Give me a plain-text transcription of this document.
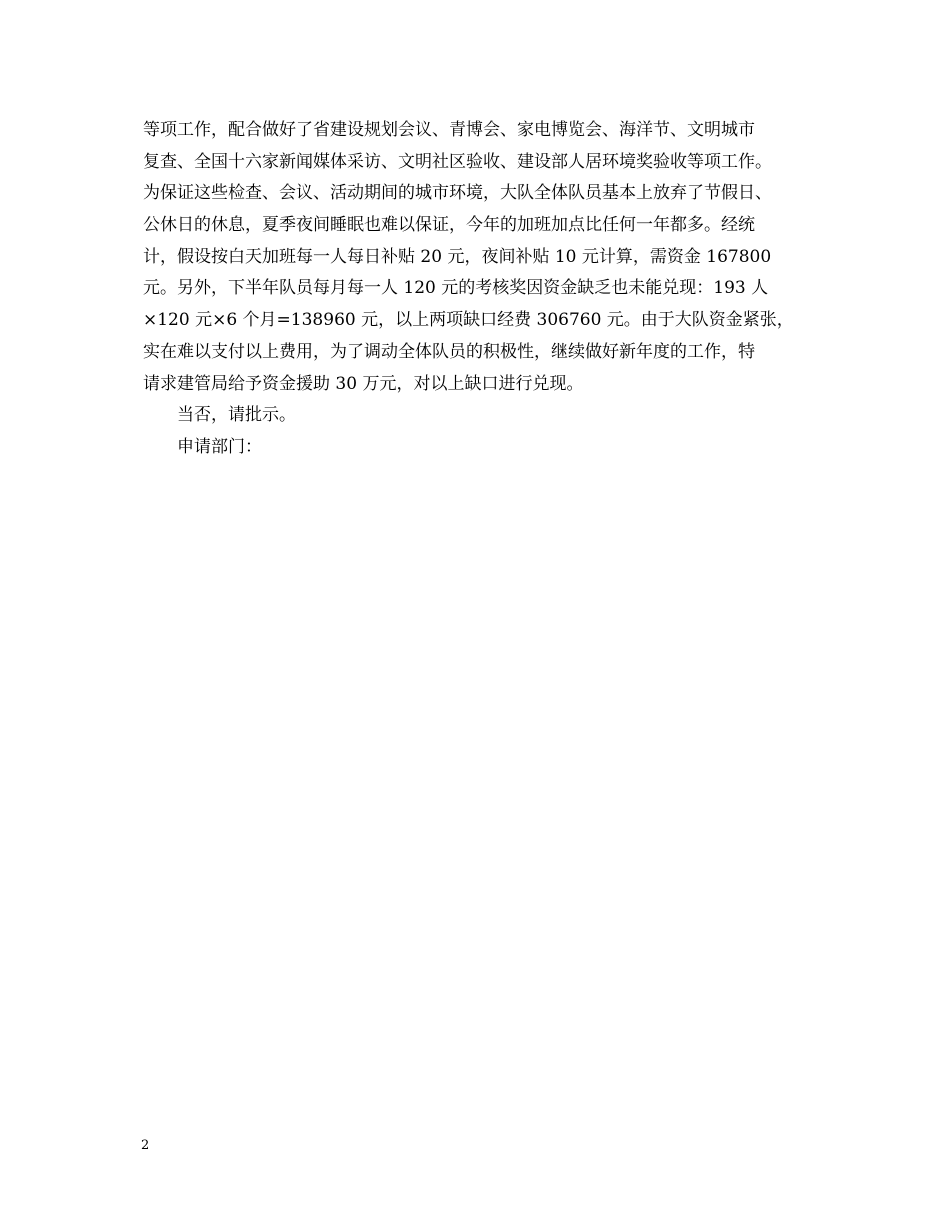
等项工作，配合做好了省建设规划会议、青博会、家电博览会、海洋节、文明城市
复查、全国十六家新闻媒体采访、文明社区验收、建设部人居环境奖验收等项工作。
为保证这些检查、会议、活动期间的城市环境，大队全体队员基本上放弃了节假日、
公休日的休息，夏季夜间睡眠也难以保证，今年的加班加点比任何一年都多。经统
计，假设按白天加班每一人每日补贴 20 元，夜间补贴 10 元计算，需资金 167800
元。另外，下半年队员每月每一人 120 元的考核奖因资金缺乏也未能兑现：193 人
×120 元×6 个月=138960 元，以上两项缺口经费 306760 元。由于大队资金紧张，
实在难以支付以上费用，为了调动全体队员的积极性，继续做好新年度的工作，特
请求建管局给予资金援助 30 万元，对以上缺口进行兑现。
当否，请批示。
申请部门：
2
